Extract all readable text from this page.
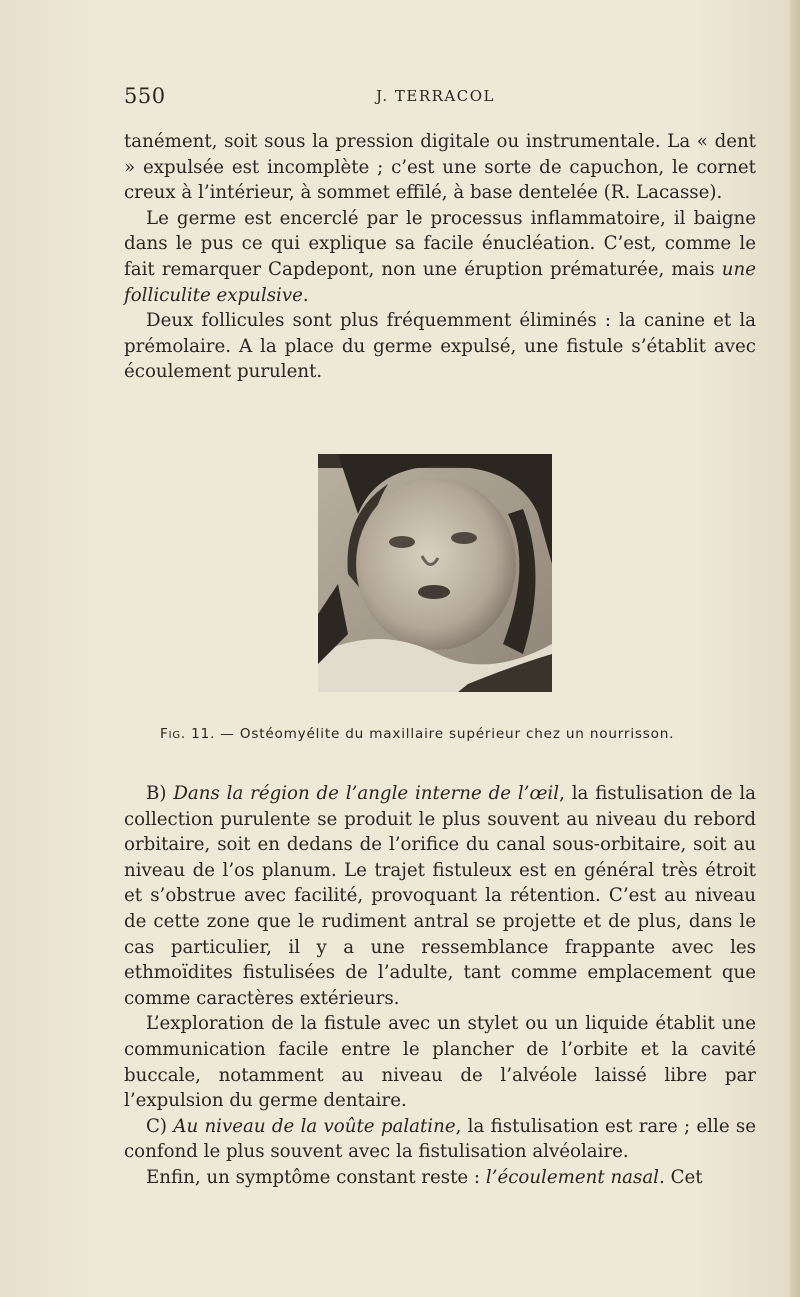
550	J. TERRACOL

tanément, soit sous la pression digitale ou instrumentale. La « dent » expulsée est incomplète ; c’est une sorte de capuchon, le cornet creux à l’intérieur, à sommet effilé, à base dentelée (R. Lacasse).

Le germe est encerclé par le processus inflammatoire, il baigne dans le pus ce qui explique sa facile énucléation. C’est, comme le fait remarquer Capdepont, non une éruption prématurée, mais une folliculite expulsive.

Deux follicules sont plus fréquemment éliminés : la canine et la prémolaire. A la place du germe expulsé, une fistule s’établit avec écoulement purulent.

Fig. 11. — Ostéomyélite du maxillaire supérieur chez un nourrisson.

B) Dans la région de l’angle interne de l’œil, la fistulisation de la collection purulente se produit le plus souvent au niveau du rebord orbitaire, soit en dedans de l’orifice du canal sous-orbitaire, soit au niveau de l’os planum. Le trajet fistuleux est en général très étroit et s’obstrue avec facilité, provoquant la rétention. C’est au niveau de cette zone que le rudiment antral se projette et de plus, dans le cas particulier, il y a une ressemblance frappante avec les ethmoïdites fistulisées de l’adulte, tant comme emplacement que comme caractères extérieurs.

L’exploration de la fistule avec un stylet ou un liquide établit une communication facile entre le plancher de l’orbite et la cavité buccale, notamment au niveau de l’alvéole laissé libre par l’expulsion du germe dentaire.

C) Au niveau de la voûte palatine, la fistulisation est rare ; elle se confond le plus souvent avec la fistulisation alvéolaire.

Enfin, un symptôme constant reste : l’écoulement nasal. Cet
